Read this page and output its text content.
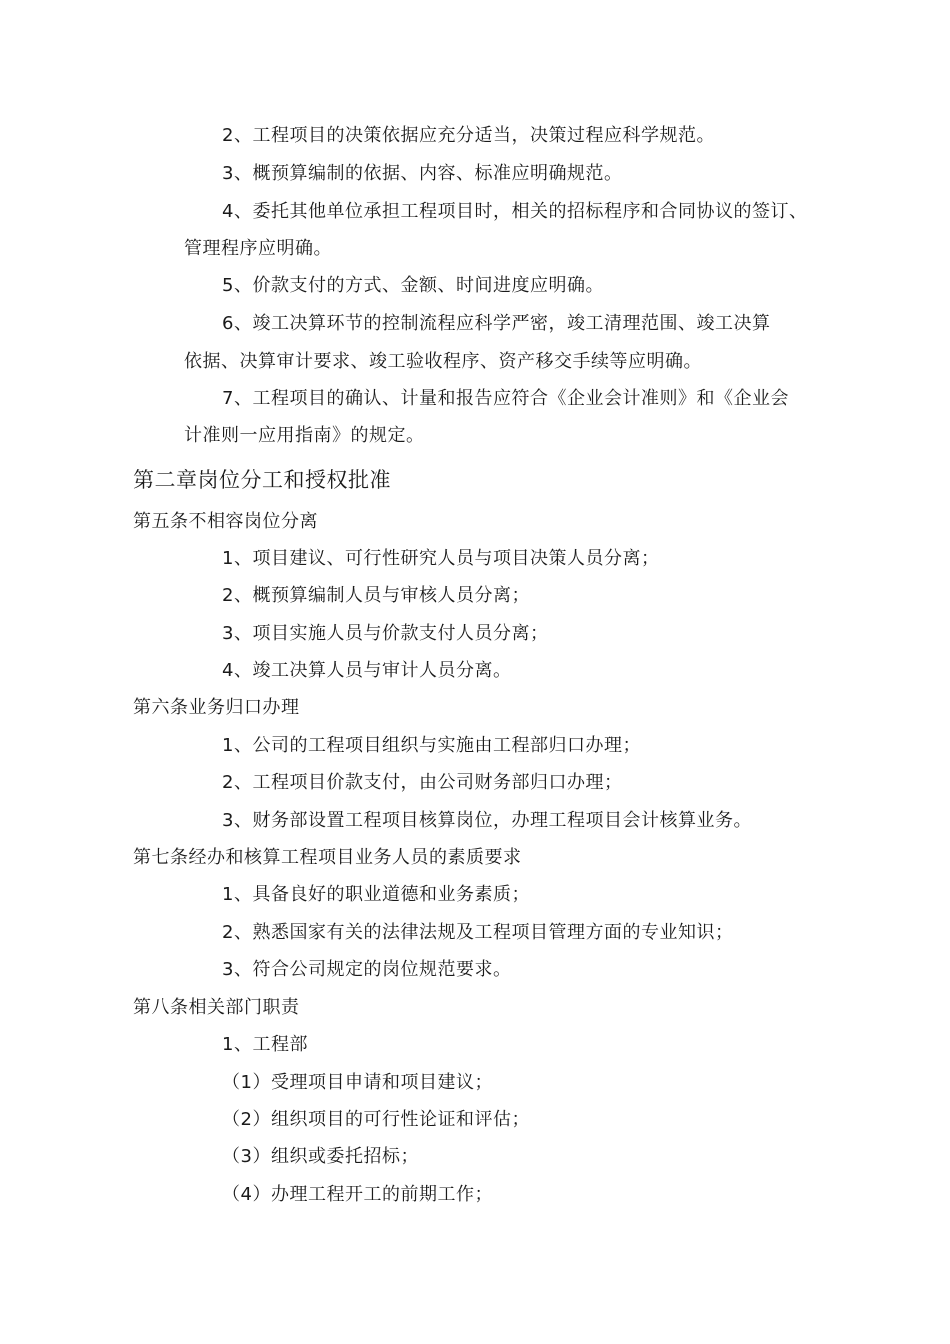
2、工程项目的决策依据应充分适当，决策过程应科学规范。
3、概预算编制的依据、内容、标准应明确规范。
4、委托其他单位承担工程项目时，相关的招标程序和合同协议的签订、
管理程序应明确。
5、价款支付的方式、金额、时间进度应明确。
6、竣工决算环节的控制流程应科学严密，竣工清理范围、竣工决算
依据、决算审计要求、竣工验收程序、资产移交手续等应明确。
7、工程项目的确认、计量和报告应符合《企业会计准则》和《企业会
计准则一应用指南》的规定。
第二章岗位分工和授权批准
第五条不相容岗位分离
1、项目建议、可行性研究人员与项目决策人员分离；
2、概预算编制人员与审核人员分离；
3、项目实施人员与价款支付人员分离；
4、竣工决算人员与审计人员分离。
第六条业务归口办理
1、公司的工程项目组织与实施由工程部归口办理；
2、工程项目价款支付，由公司财务部归口办理；
3、财务部设置工程项目核算岗位，办理工程项目会计核算业务。
第七条经办和核算工程项目业务人员的素质要求
1、具备良好的职业道德和业务素质；
2、熟悉国家有关的法律法规及工程项目管理方面的专业知识；
3、符合公司规定的岗位规范要求。
第八条相关部门职责
1、工程部
（1）受理项目申请和项目建议；
（2）组织项目的可行性论证和评估；
（3）组织或委托招标；
（4）办理工程开工的前期工作；
